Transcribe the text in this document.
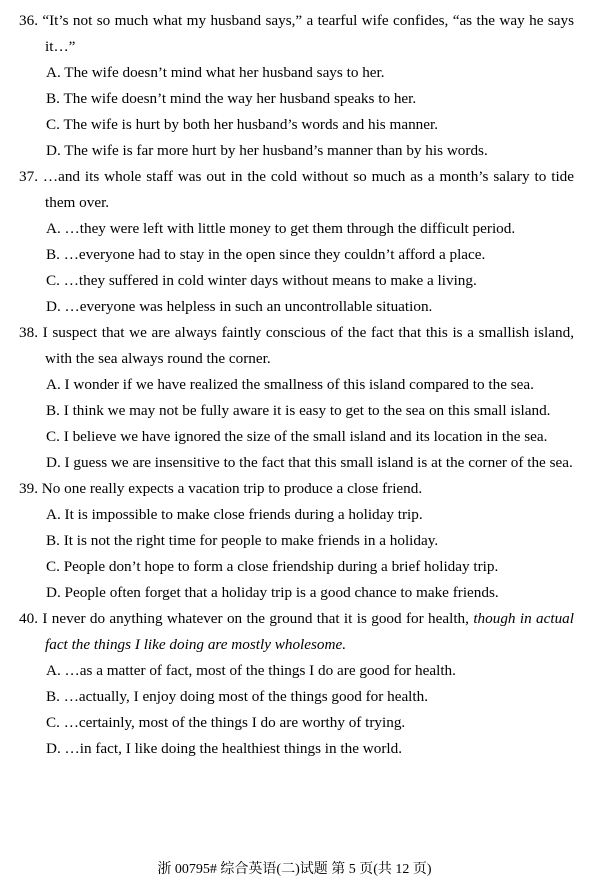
36. “It’s not so much what my husband says,” a tearful wife confides, “as the way he says it…”
A. The wife doesn’t mind what her husband says to her.
B. The wife doesn’t mind the way her husband speaks to her.
C. The wife is hurt by both her husband’s words and his manner.
D. The wife is far more hurt by her husband’s manner than by his words.
37. …and its whole staff was out in the cold without so much as a month’s salary to tide them over.
A. …they were left with little money to get them through the difficult period.
B. …everyone had to stay in the open since they couldn’t afford a place.
C. …they suffered in cold winter days without means to make a living.
D. …everyone was helpless in such an uncontrollable situation.
38. I suspect that we are always faintly conscious of the fact that this is a smallish island, with the sea always round the corner.
A. I wonder if we have realized the smallness of this island compared to the sea.
B. I think we may not be fully aware it is easy to get to the sea on this small island.
C. I believe we have ignored the size of the small island and its location in the sea.
D. I guess we are insensitive to the fact that this small island is at the corner of the sea.
39. No one really expects a vacation trip to produce a close friend.
A. It is impossible to make close friends during a holiday trip.
B. It is not the right time for people to make friends in a holiday.
C. People don’t hope to form a close friendship during a brief holiday trip.
D. People often forget that a holiday trip is a good chance to make friends.
40. I never do anything whatever on the ground that it is good for health, though in actual fact the things I like doing are mostly wholesome.
A. …as a matter of fact, most of the things I do are good for health.
B. …actually, I enjoy doing most of the things good for health.
C. …certainly, most of the things I do are worthy of trying.
D. …in fact, I like doing the healthiest things in the world.
浙 00795# 综合英语(二)试题 第 5 页(共 12 页)
